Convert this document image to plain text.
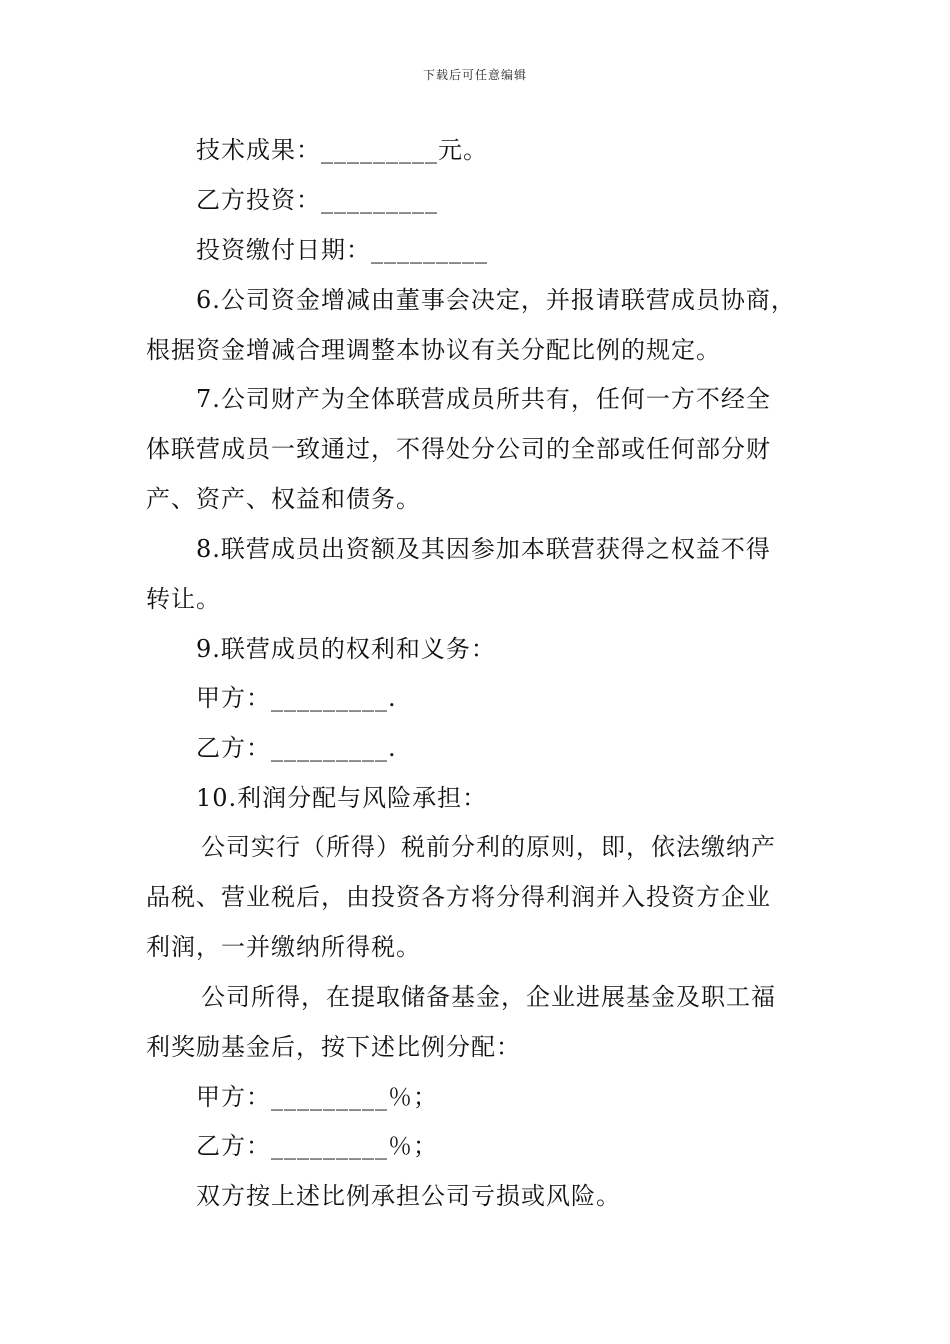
下载后可任意编辑
技术成果：_________元。
乙方投资：_________
投资缴付日期：_________
6.公司资金增减由董事会决定，并报请联营成员协商，
根据资金增减合理调整本协议有关分配比例的规定。
7.公司财产为全体联营成员所共有，任何一方不经全
体联营成员一致通过，不得处分公司的全部或任何部分财
产、资产、权益和债务。
8.联营成员出资额及其因参加本联营获得之权益不得
转让。
9.联营成员的权利和义务：
甲方：_________.
乙方：_________.
10.利润分配与风险承担：
公司实行（所得）税前分利的原则，即，依法缴纳产
品税、营业税后，由投资各方将分得利润并入投资方企业
利润，一并缴纳所得税。
公司所得，在提取储备基金，企业进展基金及职工福
利奖励基金后，按下述比例分配：
甲方：_________％；
乙方：_________％；
双方按上述比例承担公司亏损或风险。
